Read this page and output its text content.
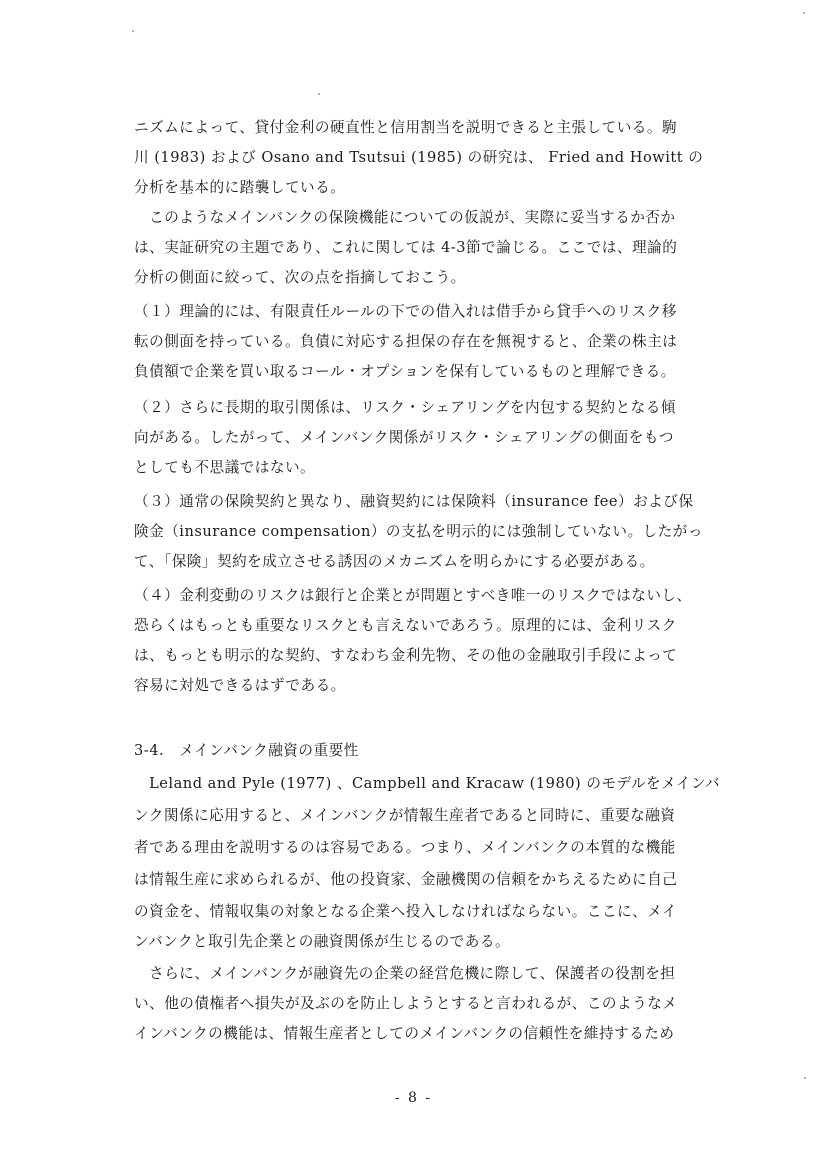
ニズムによって、貸付金利の硬直性と信用割当を説明できると主張している。駒
川 (1983) および Osano and Tsutsui (1985) の研究は、 Fried and Howitt の
分析を基本的に踏襲している。
　このようなメインバンクの保険機能についての仮説が、実際に妥当するか否か
は、実証研究の主題であり、これに関しては 4-3節で論じる。ここでは、理論的
分析の側面に絞って、次の点を指摘しておこう。
（１）理論的には、有限責任ルールの下での借入れは借手から貸手へのリスク移
転の側面を持っている。負債に対応する担保の存在を無視すると、企業の株主は
負債額で企業を買い取るコール・オプションを保有しているものと理解できる。
（２）さらに長期的取引関係は、リスク・シェアリングを内包する契約となる傾
向がある。したがって、メインバンク関係がリスク・シェアリングの側面をもつ
としても不思議ではない。
（３）通常の保険契約と異なり、融資契約には保険料（insurance fee）および保
険金（insurance compensation）の支払を明示的には強制していない。したがっ
て、「保険」契約を成立させる誘因のメカニズムを明らかにする必要がある。
（４）金利変動のリスクは銀行と企業とが問題とすべき唯一のリスクではないし、
恐らくはもっとも重要なリスクとも言えないであろう。原理的には、金利リスク
は、もっとも明示的な契約、すなわち金利先物、その他の金融取引手段によって
容易に対処できるはずである。
3-4.　メインバンク融資の重要性
　Leland and Pyle (1977) 、Campbell and Kracaw (1980) のモデルをメインバ
ンク関係に応用すると、メインバンクが情報生産者であると同時に、重要な融資
者である理由を説明するのは容易である。つまり、メインバンクの本質的な機能
は情報生産に求められるが、他の投資家、金融機関の信頼をかちえるために自己
の資金を、情報収集の対象となる企業へ投入しなければならない。ここに、メイ
ンバンクと取引先企業との融資関係が生じるのである。
　さらに、メインバンクが融資先の企業の経営危機に際して、保護者の役割を担
い、他の債権者へ損失が及ぶのを防止しようとすると言われるが、このようなメ
インバンクの機能は、情報生産者としてのメインバンクの信頼性を維持するため
- 8 -
